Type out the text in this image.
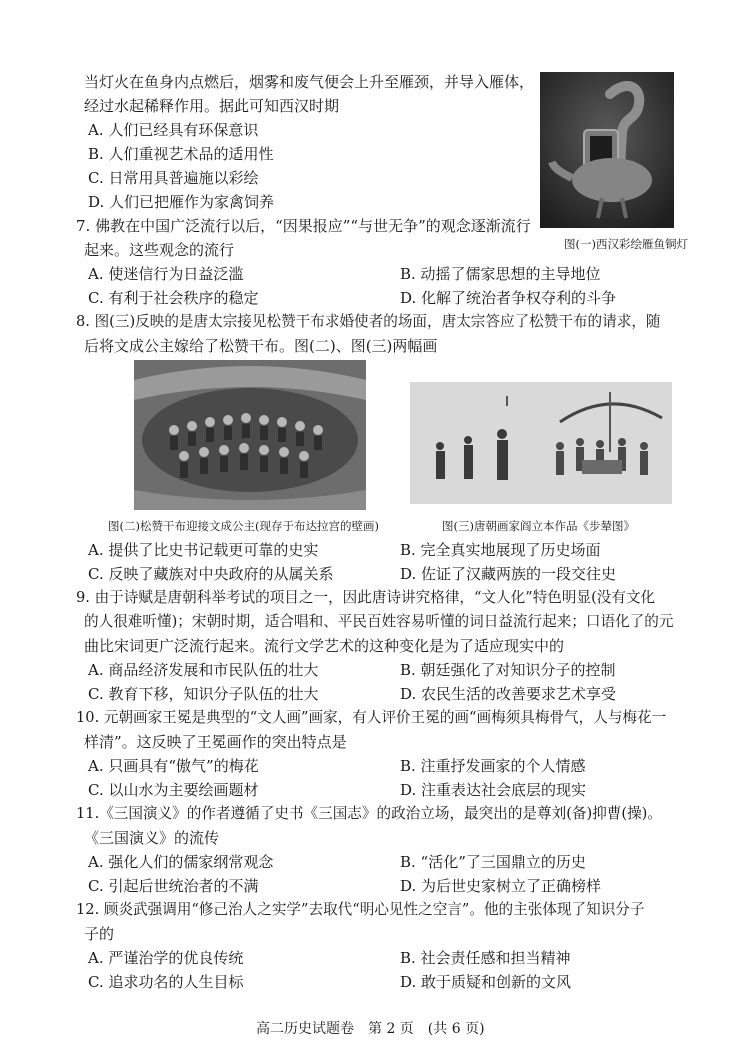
当灯火在鱼身内点燃后，烟雾和废气便会上升至雁颈，并导入雁体，
经过水起稀释作用。据此可知西汉时期
A. 人们已经具有环保意识
B. 人们重视艺术品的适用性
C. 日常用具普遍施以彩绘
D. 人们已把雁作为家禽饲养
图(一)西汉彩绘雁鱼铜灯
7. 佛教在中国广泛流行以后，“因果报应”“与世无争”的观念逐渐流行
起来。这些观念的流行
A. 使迷信行为日益泛滥	B. 动摇了儒家思想的主导地位
C. 有利于社会秩序的稳定	D. 化解了统治者争权夺利的斗争
8. 图(三)反映的是唐太宗接见松赞干布求婚使者的场面，唐太宗答应了松赞干布的请求，随
后将文成公主嫁给了松赞干布。图(二)、图(三)两幅画
图(二)松赞干布迎接文成公主(现存于布达拉宫的壁画)	图(三)唐朝画家阎立本作品《步辇图》
A. 提供了比史书记载更可靠的史实	B. 完全真实地展现了历史场面
C. 反映了藏族对中央政府的从属关系	D. 佐证了汉藏两族的一段交往史
9. 由于诗赋是唐朝科举考试的项目之一，因此唐诗讲究格律，“文人化”特色明显(没有文化
的人很难听懂)；宋朝时期，适合唱和、平民百姓容易听懂的词日益流行起来；口语化了的元
曲比宋词更广泛流行起来。流行文学艺术的这种变化是为了适应现实中的
A. 商品经济发展和市民队伍的壮大	B. 朝廷强化了对知识分子的控制
C. 教育下移，知识分子队伍的壮大	D. 农民生活的改善要求艺术享受
10. 元朝画家王冕是典型的“文人画”画家，有人评价王冕的画“画梅须具梅骨气，人与梅花一
样清”。这反映了王冕画作的突出特点是
A. 只画具有“傲气”的梅花	B. 注重抒发画家的个人情感
C. 以山水为主要绘画题材	D. 注重表达社会底层的现实
11.《三国演义》的作者遵循了史书《三国志》的政治立场，最突出的是尊刘(备)抑曹(操)。
《三国演义》的流传
A. 强化人们的儒家纲常观念	B. “活化”了三国鼎立的历史
C. 引起后世统治者的不满	D. 为后世史家树立了正确榜样
12. 顾炎武强调用“修己治人之实学”去取代“明心见性之空言”。他的主张体现了知识分子
子的
A. 严谨治学的优良传统	B. 社会责任感和担当精神
C. 追求功名的人生目标	D. 敢于质疑和创新的文风
高二历史试题卷　第 2 页　(共 6 页)
